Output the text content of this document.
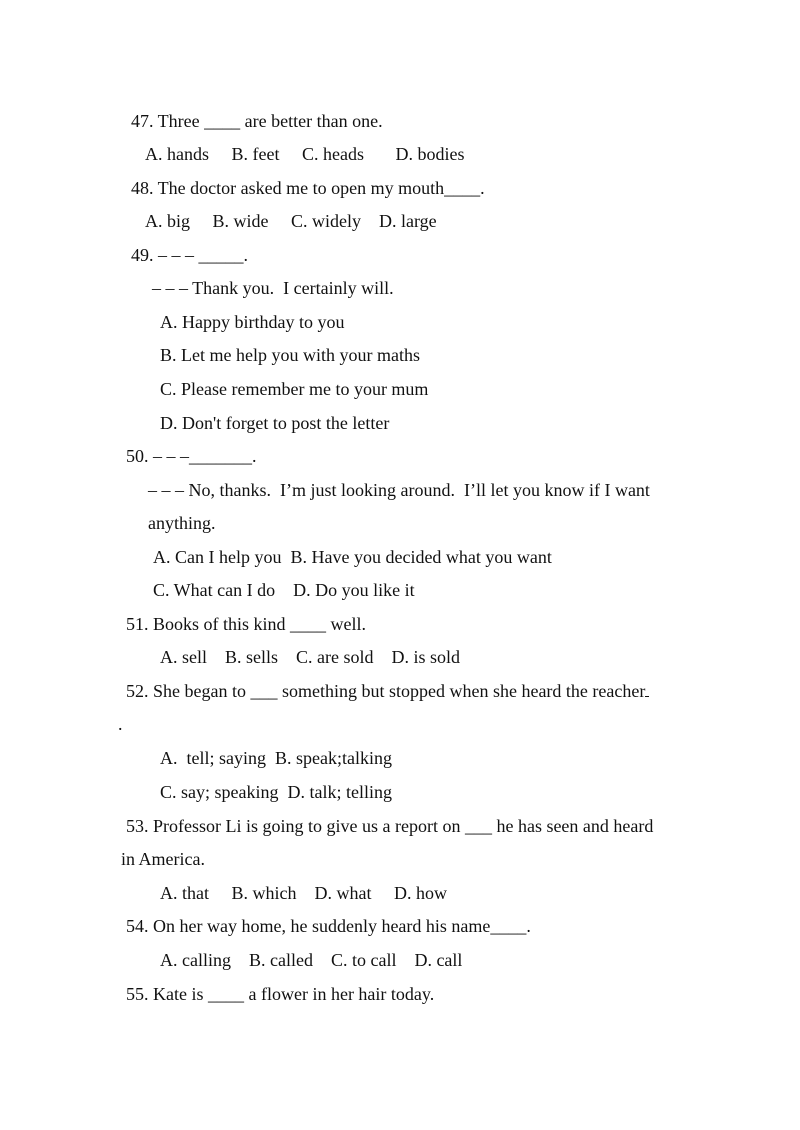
47. Three ____ are better than one.
A. hands     B. feet     C. heads       D. bodies
48. The doctor asked me to open my mouth____.
A. big     B. wide     C. widely    D. large
49. – – – _____.
– – – Thank you.  I certainly will.
A. Happy birthday to you
B. Let me help you with your maths
C. Please remember me to your mum
D. Don't forget to post the letter
50. – – –_______.
– – – No, thanks.  I’m just looking around.  I’ll let you know if I want
anything.
A. Can I help you  B. Have you decided what you want
C. What can I do    D. Do you like it
51. Books of this kind ____ well.
A. sell    B. sells    C. are sold    D. is sold
52. She began to ___ something but stopped when she heard the reacher
.
A.  tell; saying  B. speak;talking
C. say; speaking  D. talk; telling
53. Professor Li is going to give us a report on ___ he has seen and heard
in America.
A. that     B. which    D. what     D. how
54. On her way home, he suddenly heard his name____.
A. calling    B. called    C. to call    D. call
55. Kate is ____ a flower in her hair today.
